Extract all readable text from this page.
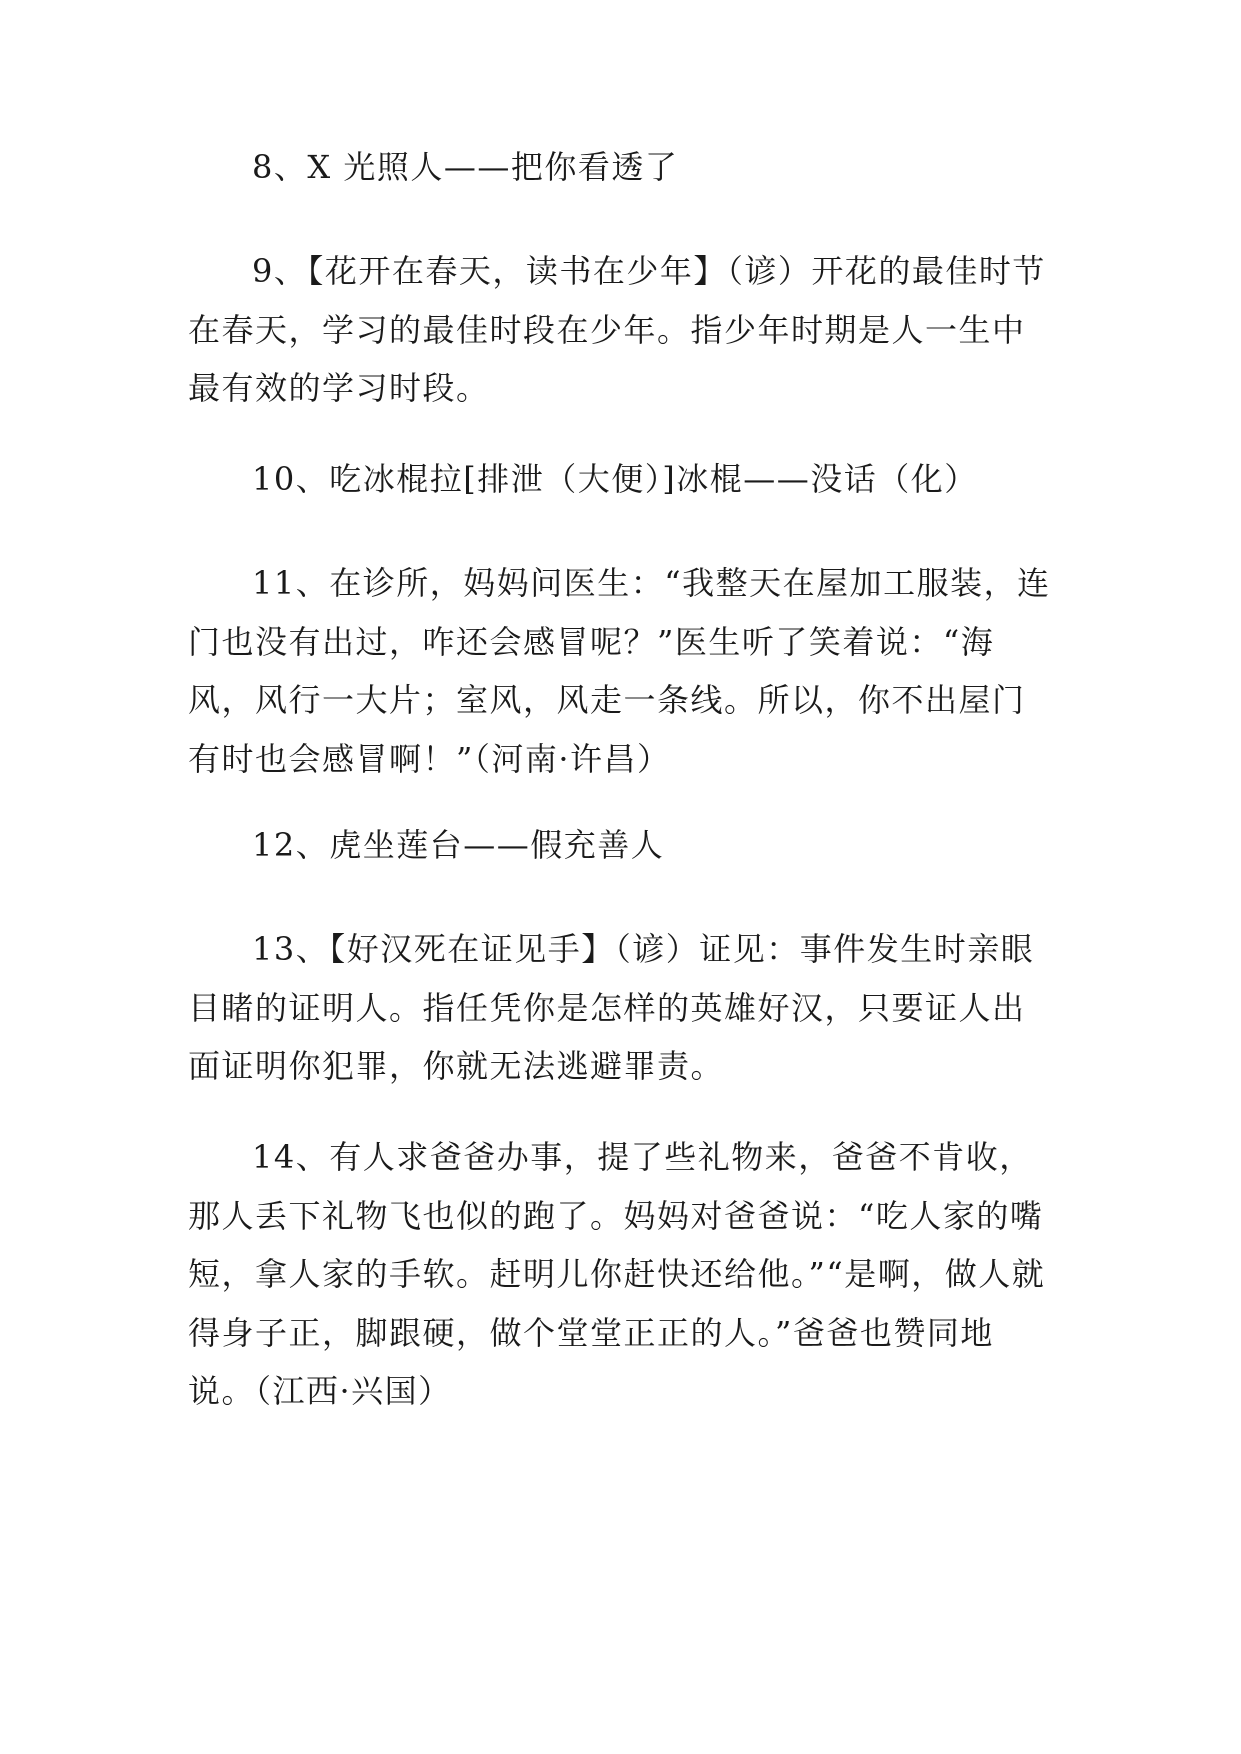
8、X 光照人——把你看透了

9、【花开在春天，读书在少年】（谚）开花的最佳时节在春天，学习的最佳时段在少年。指少年时期是人一生中最有效的学习时段。

10、吃冰棍拉[排泄（大便）]冰棍——没话（化）

11、在诊所，妈妈问医生：“我整天在屋加工服装，连门也没有出过，咋还会感冒呢？”医生听了笑着说：“海风，风行一大片；室风，风走一条线。所以，你不出屋门有时也会感冒啊！”（河南·许昌）

12、虎坐莲台——假充善人

13、【好汉死在证见手】（谚）证见：事件发生时亲眼目睹的证明人。指任凭你是怎样的英雄好汉，只要证人出面证明你犯罪，你就无法逃避罪责。

14、有人求爸爸办事，提了些礼物来，爸爸不肯收，那人丢下礼物飞也似的跑了。妈妈对爸爸说：“吃人家的嘴短，拿人家的手软。赶明儿你赶快还给他。”“是啊，做人就得身子正，脚跟硬，做个堂堂正正的人。”爸爸也赞同地说。（江西·兴国）
